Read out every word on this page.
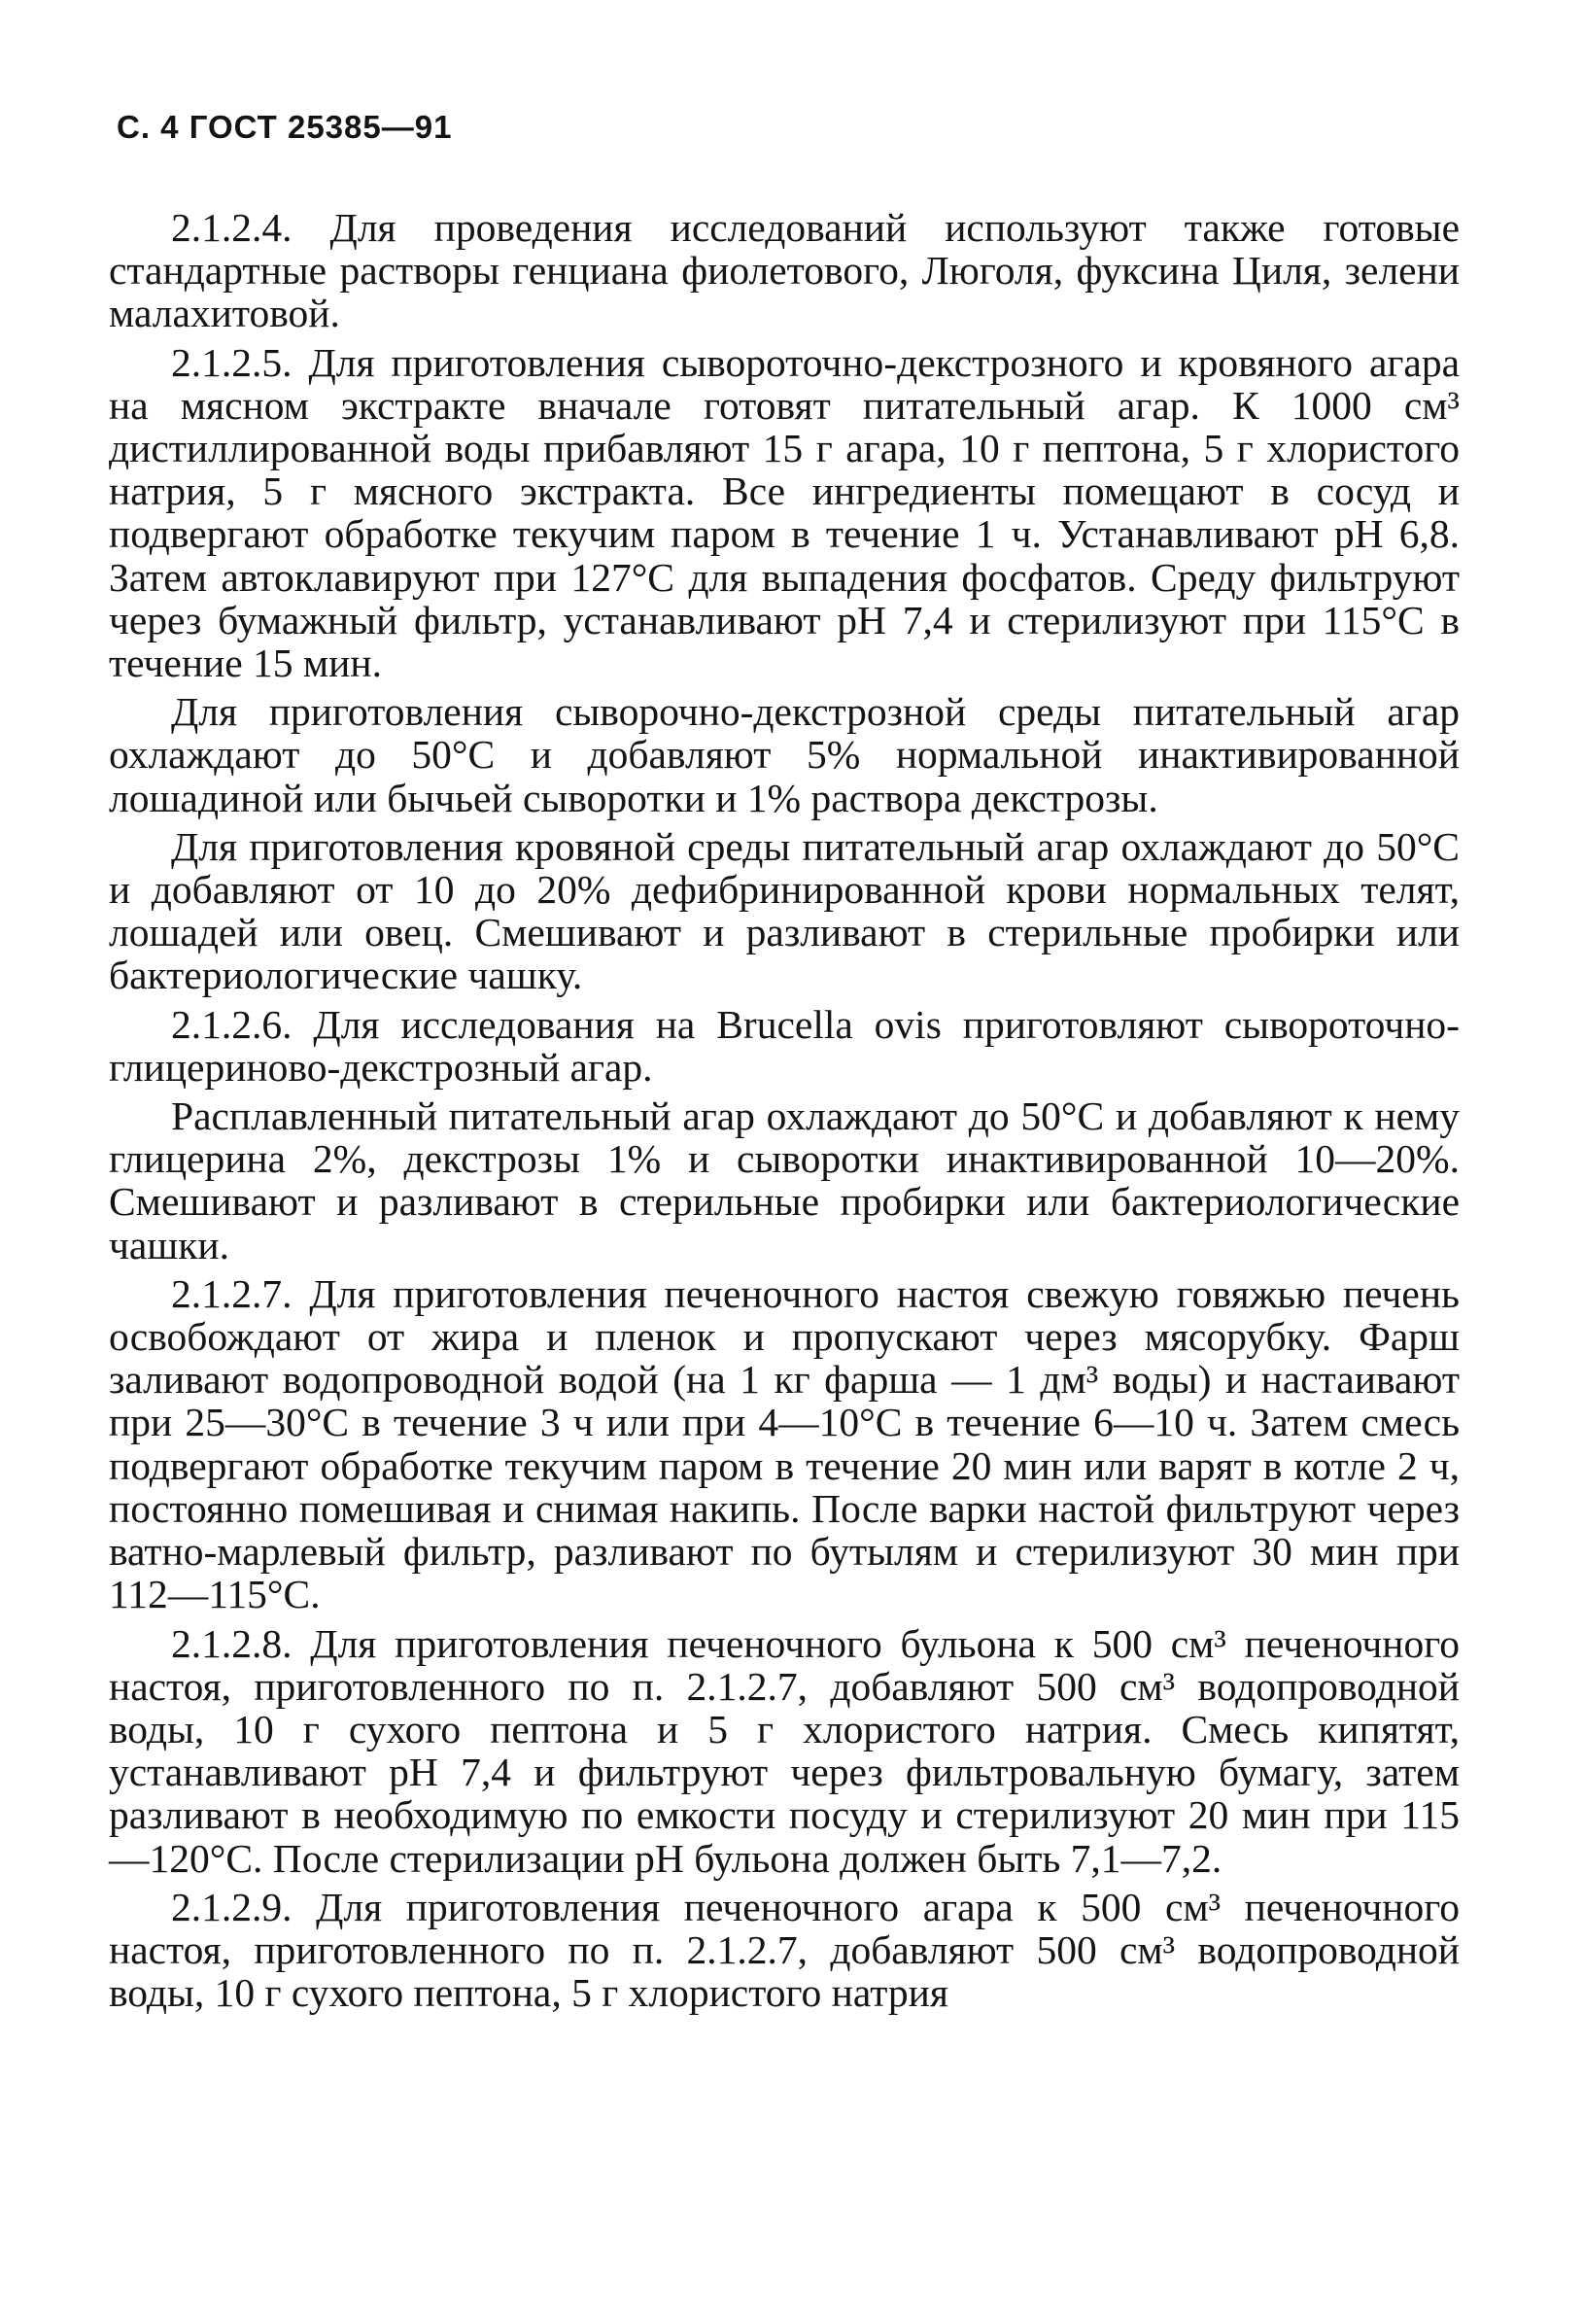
С. 4 ГОСТ 25385—91

2.1.2.4. Для проведения исследований используют также готовые стандартные растворы генциана фиолетового, Люголя, фуксина Циля, зелени малахитовой.

2.1.2.5. Для приготовления сывороточно-декстрозного и кровяного агара на мясном экстракте вначале готовят питательный агар. К 1000 см³ дистиллированной воды прибавляют 15 г агара, 10 г пептона, 5 г хлористого натрия, 5 г мясного экстракта. Все ингредиенты помещают в сосуд и подвергают обработке текучим паром в течение 1 ч. Устанавливают рН 6,8. Затем автоклавируют при 127°С для выпадения фосфатов. Среду фильтруют через бумажный фильтр, устанавливают рН 7,4 и стерилизуют при 115°С в течение 15 мин.

Для приготовления сыворочно-декстрозной среды питательный агар охлаждают до 50°С и добавляют 5% нормальной инактивированной лошадиной или бычьей сыворотки и 1% раствора декстрозы.

Для приготовления кровяной среды питательный агар охлаждают до 50°С и добавляют от 10 до 20% дефибринированной крови нормальных телят, лошадей или овец. Смешивают и разливают в стерильные пробирки или бактериологические чашку.

2.1.2.6. Для исследования на Brucella ovis приготовляют сывороточно-глицериново-декстрозный агар.

Расплавленный питательный агар охлаждают до 50°С и добавляют к нему глицерина 2%, декстрозы 1% и сыворотки инактивированной 10—20%. Смешивают и разливают в стерильные пробирки или бактериологические чашки.

2.1.2.7. Для приготовления печеночного настоя свежую говяжью печень освобождают от жира и пленок и пропускают через мясорубку. Фарш заливают водопроводной водой (на 1 кг фарша — 1 дм³ воды) и настаивают при 25—30°С в течение 3 ч или при 4—10°С в течение 6—10 ч. Затем смесь подвергают обработке текучим паром в течение 20 мин или варят в котле 2 ч, постоянно помешивая и снимая накипь. После варки настой фильтруют через ватно-марлевый фильтр, разливают по бутылям и стерилизуют 30 мин при 112—115°С.

2.1.2.8. Для приготовления печеночного бульона к 500 см³ печеночного настоя, приготовленного по п. 2.1.2.7, добавляют 500 см³ водопроводной воды, 10 г сухого пептона и 5 г хлористого натрия. Смесь кипятят, устанавливают рН 7,4 и фильтруют через фильтровальную бумагу, затем разливают в необходимую по емкости посуду и стерилизуют 20 мин при 115—120°С. После стерилизации рН бульона должен быть 7,1—7,2.

2.1.2.9. Для приготовления печеночного агара к 500 см³ печеночного настоя, приготовленного по п. 2.1.2.7, добавляют 500 см³ водопроводной воды, 10 г сухого пептона, 5 г хлористого натрия
